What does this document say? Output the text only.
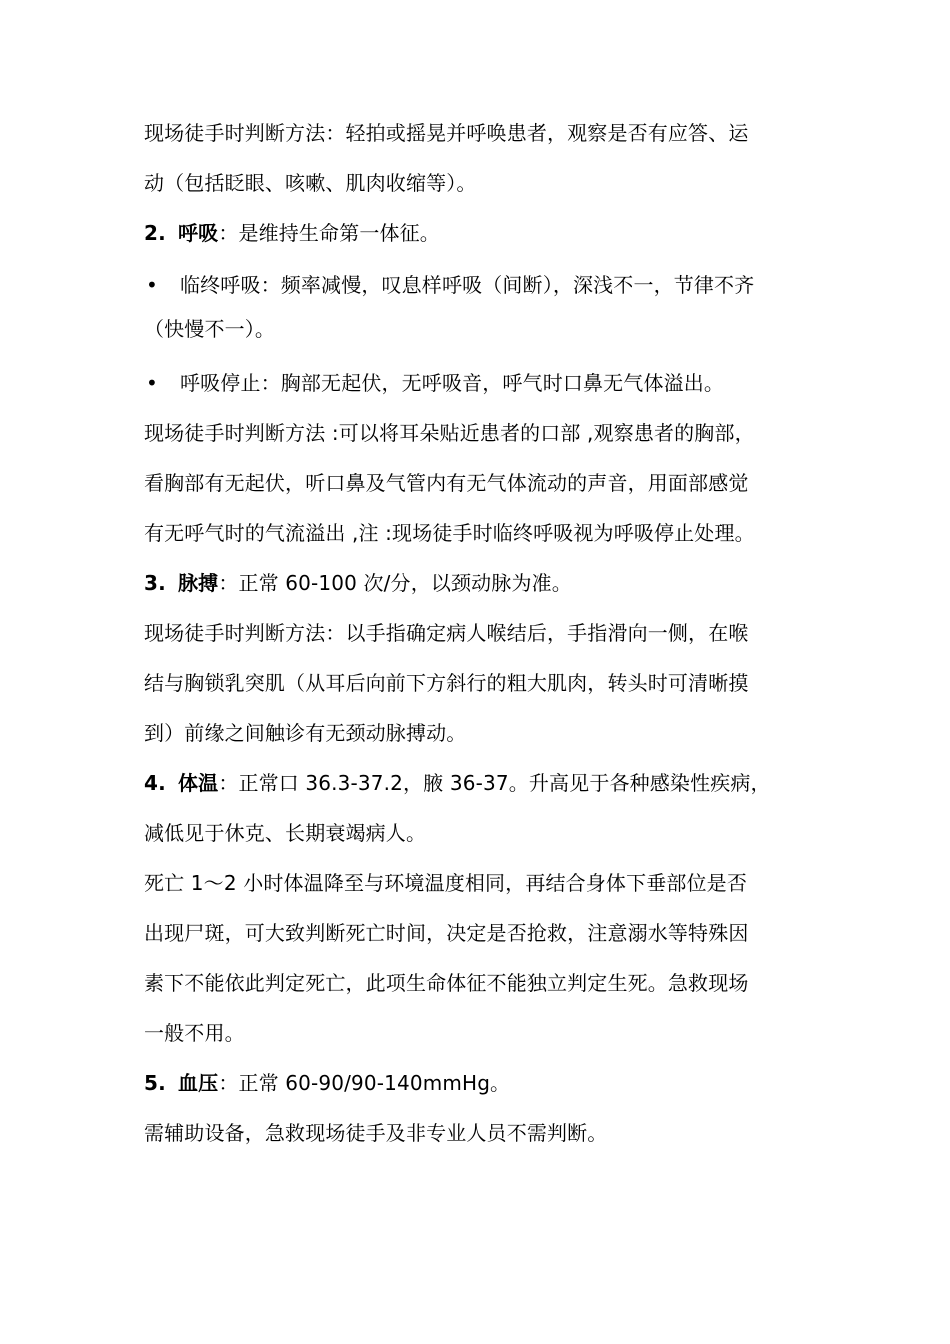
现场徒手时判断方法：轻拍或摇晃并呼唤患者，观察是否有应答、运
动（包括眨眼、咳嗽、肌肉收缩等）。
2. 呼吸：是维持生命第一体征。
• 临终呼吸：频率减慢，叹息样呼吸（间断），深浅不一，节律不齐
（快慢不一）。
• 呼吸停止：胸部无起伏，无呼吸音，呼气时口鼻无气体溢出。
现场徒手时判断方法 :可以将耳朵贴近患者的口部 ,观察患者的胸部，
看胸部有无起伏，听口鼻及气管内有无气体流动的声音，用面部感觉
有无呼气时的气流溢出 ,注 :现场徒手时临终呼吸视为呼吸停止处理。
3. 脉搏：正常 60-100 次/分，以颈动脉为准。
现场徒手时判断方法：以手指确定病人喉结后，手指滑向一侧，在喉
结与胸锁乳突肌（从耳后向前下方斜行的粗大肌肉，转头时可清晰摸
到）前缘之间触诊有无颈动脉搏动。
4. 体温：正常口 36.3-37.2，腋 36-37。升高见于各种感染性疾病，
减低见于休克、长期衰竭病人。
死亡 1～2 小时体温降至与环境温度相同，再结合身体下垂部位是否
出现尸斑，可大致判断死亡时间，决定是否抢救，注意溺水等特殊因
素下不能依此判定死亡，此项生命体征不能独立判定生死。急救现场
一般不用。
5. 血压：正常 60-90/90-140mmHg。
需辅助设备，急救现场徒手及非专业人员不需判断。
